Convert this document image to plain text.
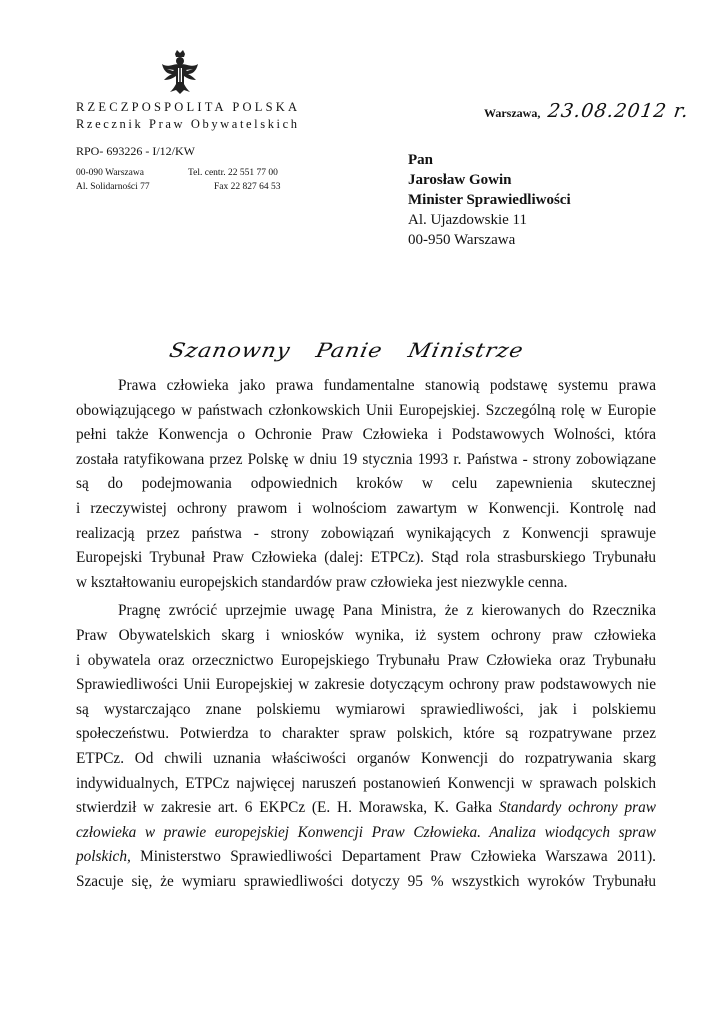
RZECZPOSPOLITA POLSKA
Rzecznik Praw Obywatelskich
RPO- 693226 - I/12/KW
00-090 Warszawa
Al. Solidarności 77
Tel. centr. 22 551 77 00
Fax 22 827 64 53
Warszawa, 23.08.2012 r.
Pan
Jarosław Gowin
Minister Sprawiedliwości
Al. Ujazdowskie 11
00-950 Warszawa
Szanowny Panie Ministrze

Prawa człowieka jako prawa fundamentalne stanowią podstawę systemu prawa

obowiązującego w państwach członkowskich Unii Europejskiej. Szczególną rolę w Europie

pełni także Konwencja o Ochronie Praw Człowieka i Podstawowych Wolności, która

została ratyfikowana przez Polskę w dniu 19 stycznia 1993 r. Państwa - strony zobowiązane

są do podejmowania odpowiednich kroków w celu zapewnienia skutecznej

i rzeczywistej ochrony prawom i wolnościom zawartym w Konwencji. Kontrolę nad

realizacją przez państwa - strony zobowiązań wynikających z Konwencji sprawuje

Europejski Trybunał Praw Człowieka (dalej: ETPCz). Stąd rola strasburskiego Trybunału

w kształtowaniu europejskich standardów praw człowieka jest niezwykle cenna.

Pragnę zwrócić uprzejmie uwagę Pana Ministra, że z kierowanych do Rzecznika

Praw Obywatelskich skarg i wniosków wynika, iż system ochrony praw człowieka

i obywatela oraz orzecznictwo Europejskiego Trybunału Praw Człowieka oraz Trybunału

Sprawiedliwości Unii Europejskiej w zakresie dotyczącym ochrony praw podstawowych nie

są wystarczająco znane polskiemu wymiarowi sprawiedliwości, jak i polskiemu

społeczeństwu. Potwierdza to charakter spraw polskich, które są rozpatrywane przez

ETPCz. Od chwili uznania właściwości organów Konwencji do rozpatrywania skarg

indywidualnych, ETPCz najwięcej naruszeń postanowień Konwencji w sprawach polskich

stwierdził w zakresie art. 6 EKPCz (E. H. Morawska, K. Gałka Standardy ochrony praw

człowieka w prawie europejskiej Konwencji Praw Człowieka. Analiza wiodących spraw

polskich, Ministerstwo Sprawiedliwości Departament Praw Człowieka Warszawa 2011).

Szacuje się, że wymiaru sprawiedliwości dotyczy 95 % wszystkich wyroków Trybunału
